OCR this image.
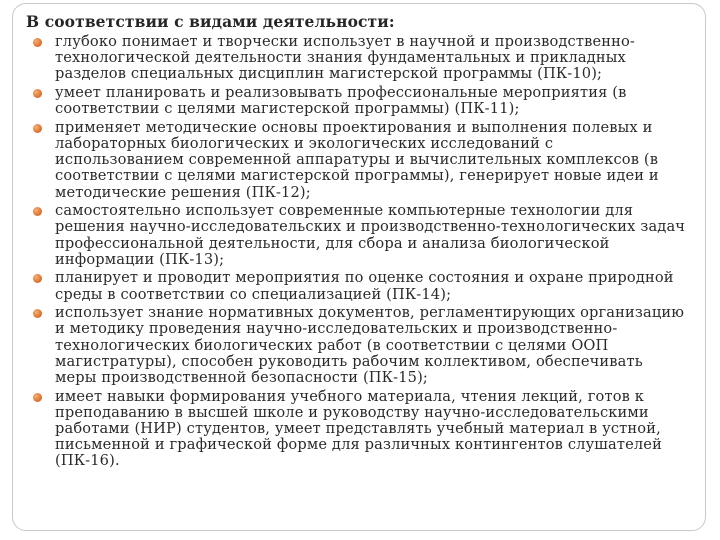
В соответствии с видами деятельности:
глубоко понимает и творчески использует в научной и производственно-технологической деятельности знания фундаментальных и прикладных разделов специальных дисциплин магистерской программы (ПК-10);
умеет планировать и реализовывать профессиональные мероприятия (в соответствии с целями магистерской программы) (ПК-11);
применяет методические основы проектирования и выполнения полевых и лабораторных биологических и экологических исследований с использованием современной аппаратуры и вычислительных комплексов (в соответствии с целями магистерской программы), генерирует новые идеи и методические решения (ПК-12);
самостоятельно использует современные компьютерные технологии для решения научно-исследовательских и производственно-технологических задач профессиональной деятельности, для сбора и анализа биологической информации (ПК-13);
планирует и проводит мероприятия по оценке состояния и охране природной среды в соответствии со специализацией (ПК-14);
использует знание нормативных документов, регламентирующих организацию и методику проведения научно-исследовательских и производственно-технологических биологических работ (в соответствии с целями ООП магистратуры), способен руководить рабочим коллективом, обеспечивать меры производственной безопасности (ПК-15);
имеет навыки формирования учебного материала, чтения лекций, готов к преподаванию в высшей школе и руководству научно-исследовательскими работами (НИР) студентов, умеет представлять учебный материал в устной, письменной и графической форме для различных контингентов слушателей (ПК-16).
